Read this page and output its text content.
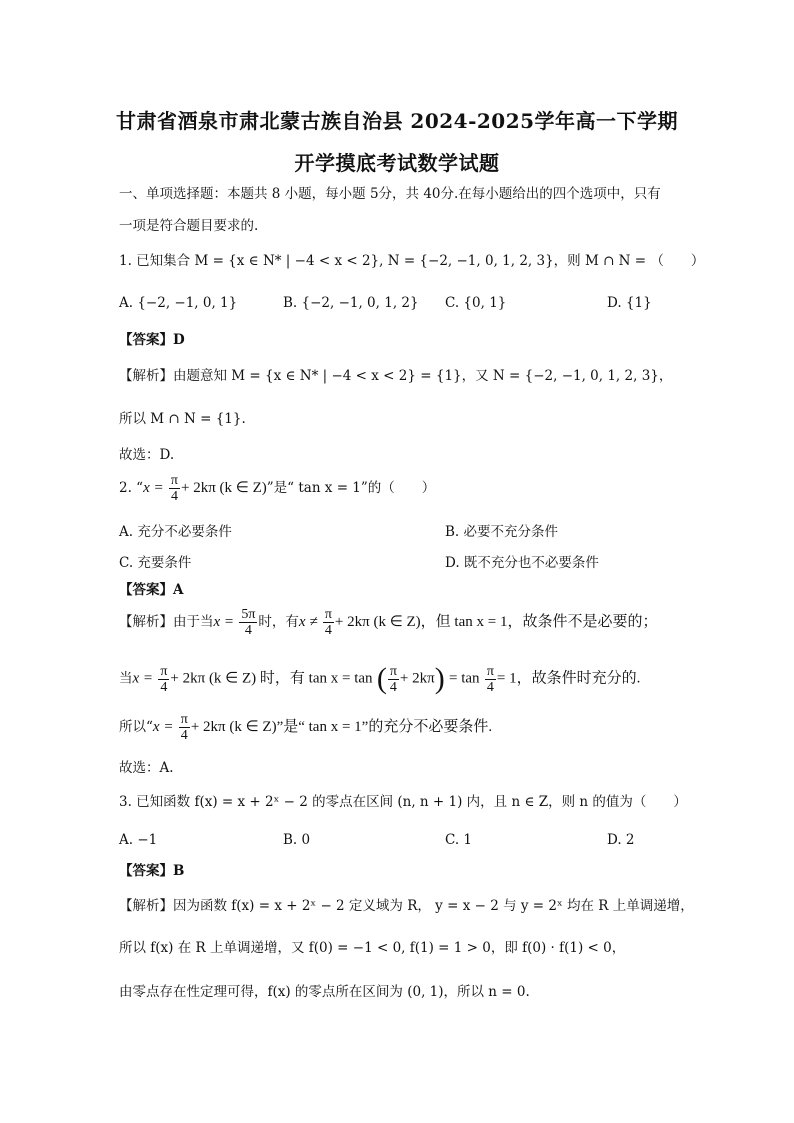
甘肃省酒泉市肃北蒙古族自治县 2024-2025学年高一下学期
开学摸底考试数学试题
一、单项选择题：本题共 8 小题，每小题 5分，共 40分.在每小题给出的四个选项中，只有
一项是符合题目要求的.
1. 已知集合 M = {x ∈ N* | −4 < x < 2}, N = {−2, −1, 0, 1, 2, 3}，则 M ∩ N = （　　）
A. {−2, −1, 0, 1}	B. {−2, −1, 0, 1, 2} C. {0, 1}	D. {1}
【答案】D
【解析】由题意知 M = {x ∈ N* | −4 < x < 2} = {1}，又 N = {−2, −1, 0, 1, 2, 3}，
所以 M ∩ N = {1}.
故选：D.
2. “$x = \frac{\pi}{4} + 2k\pi$ (k ∈ Z)”是“ tan x = 1”的（　　）
A. 充分不必要条件	B. 必要不充分条件
C. 充要条件	D. 既不充分也不必要条件
【答案】A
【解析】由于当$x = \frac{5\pi}{4}$ 时，有$x \ne \frac{\pi}{4} + 2k\pi$ (k ∈ Z)，但 tan x = 1，故条件不是必要的；
当$x = \frac{\pi}{4} + 2k\pi$ (k ∈ Z) 时，有 tan x = tan ( $\frac{\pi}{4} + 2k\pi) = \tan \frac{\pi}{4} = 1$，故条件时充分的.
所以“$x = \frac{\pi}{4} + 2k\pi$ (k ∈ Z)”是“ tan x = 1”的充分不必要条件.
故选：A.
3. 已知函数 f(x) = x + 2ˣ − 2 的零点在区间 (n, n + 1) 内，且 n ∈ Z，则 n 的值为（　　）
A. −1	B. 0	C. 1	D. 2
【答案】B
【解析】因为函数 f(x) = x + 2ˣ − 2 定义域为 R， y = x − 2 与 y = 2ˣ 均在 R 上单调递增，
所以 f(x) 在 R 上单调递增，又 f(0) = −1 < 0, f(1) = 1 > 0，即 f(0) · f(1) < 0，
由零点存在性定理可得，f(x) 的零点所在区间为 (0, 1)，所以 n = 0.
